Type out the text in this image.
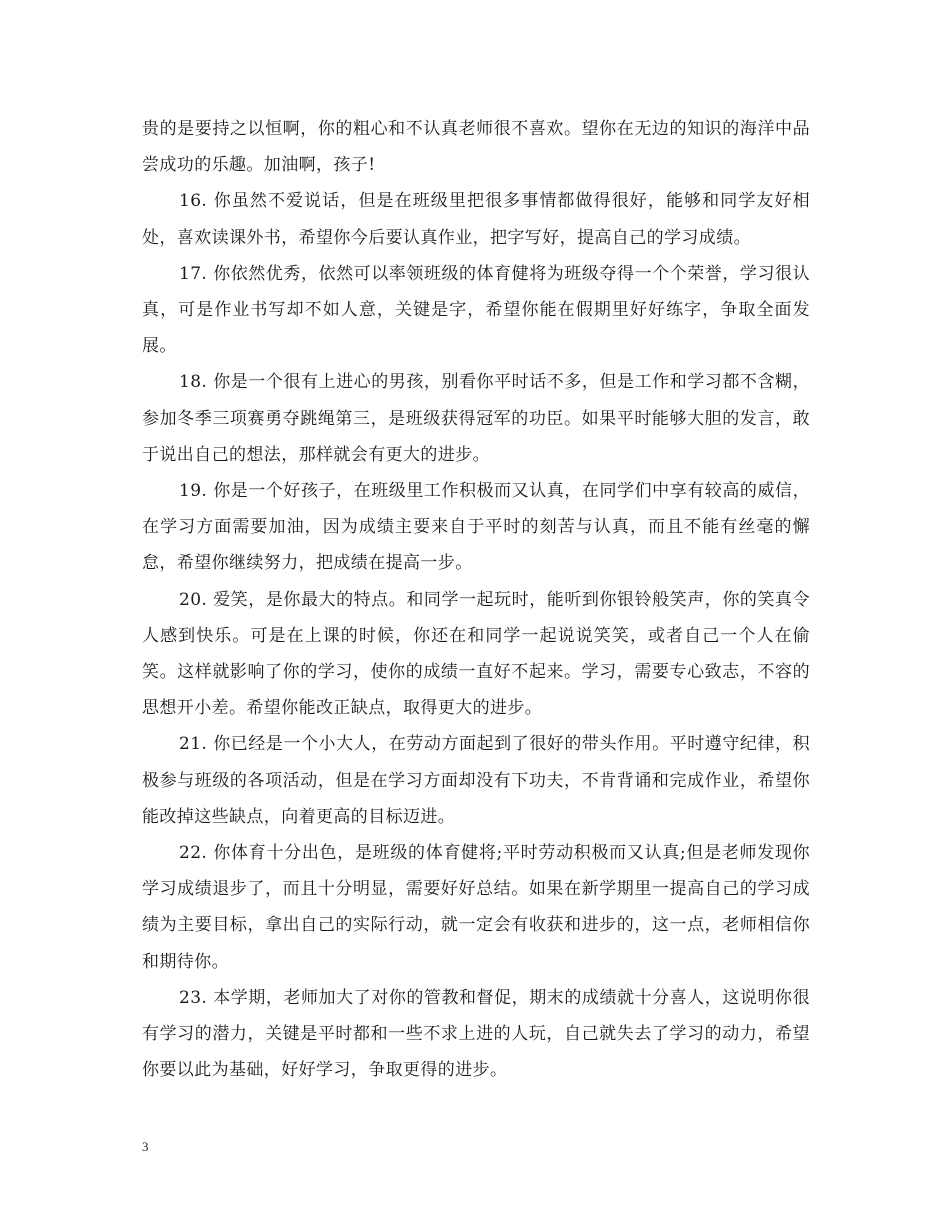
贵的是要持之以恒啊，你的粗心和不认真老师很不喜欢。望你在无边的知识的海洋中品尝成功的乐趣。加油啊，孩子!

16. 你虽然不爱说话，但是在班级里把很多事情都做得很好，能够和同学友好相处，喜欢读课外书，希望你今后要认真作业，把字写好，提高自己的学习成绩。

17. 你依然优秀，依然可以率领班级的体育健将为班级夺得一个个荣誉，学习很认真，可是作业书写却不如人意，关键是字，希望你能在假期里好好练字，争取全面发展。

18. 你是一个很有上进心的男孩，别看你平时话不多，但是工作和学习都不含糊，参加冬季三项赛勇夺跳绳第三，是班级获得冠军的功臣。如果平时能够大胆的发言，敢于说出自己的想法，那样就会有更大的进步。

19. 你是一个好孩子，在班级里工作积极而又认真，在同学们中享有较高的威信，在学习方面需要加油，因为成绩主要来自于平时的刻苦与认真，而且不能有丝毫的懈怠，希望你继续努力，把成绩在提高一步。

20. 爱笑，是你最大的特点。和同学一起玩时，能听到你银铃般笑声，你的笑真令人感到快乐。可是在上课的时候，你还在和同学一起说说笑笑，或者自己一个人在偷笑。这样就影响了你的学习，使你的成绩一直好不起来。学习，需要专心致志，不容的思想开小差。希望你能改正缺点，取得更大的进步。

21. 你已经是一个小大人，在劳动方面起到了很好的带头作用。平时遵守纪律，积极参与班级的各项活动，但是在学习方面却没有下功夫，不肯背诵和完成作业，希望你能改掉这些缺点，向着更高的目标迈进。

22. 你体育十分出色，是班级的体育健将;平时劳动积极而又认真;但是老师发现你学习成绩退步了，而且十分明显，需要好好总结。如果在新学期里一提高自己的学习成绩为主要目标，拿出自己的实际行动，就一定会有收获和进步的，这一点，老师相信你和期待你。

23. 本学期，老师加大了对你的管教和督促，期末的成绩就十分喜人，这说明你很有学习的潜力，关键是平时都和一些不求上进的人玩，自己就失去了学习的动力，希望你要以此为基础，好好学习，争取更得的进步。

3
